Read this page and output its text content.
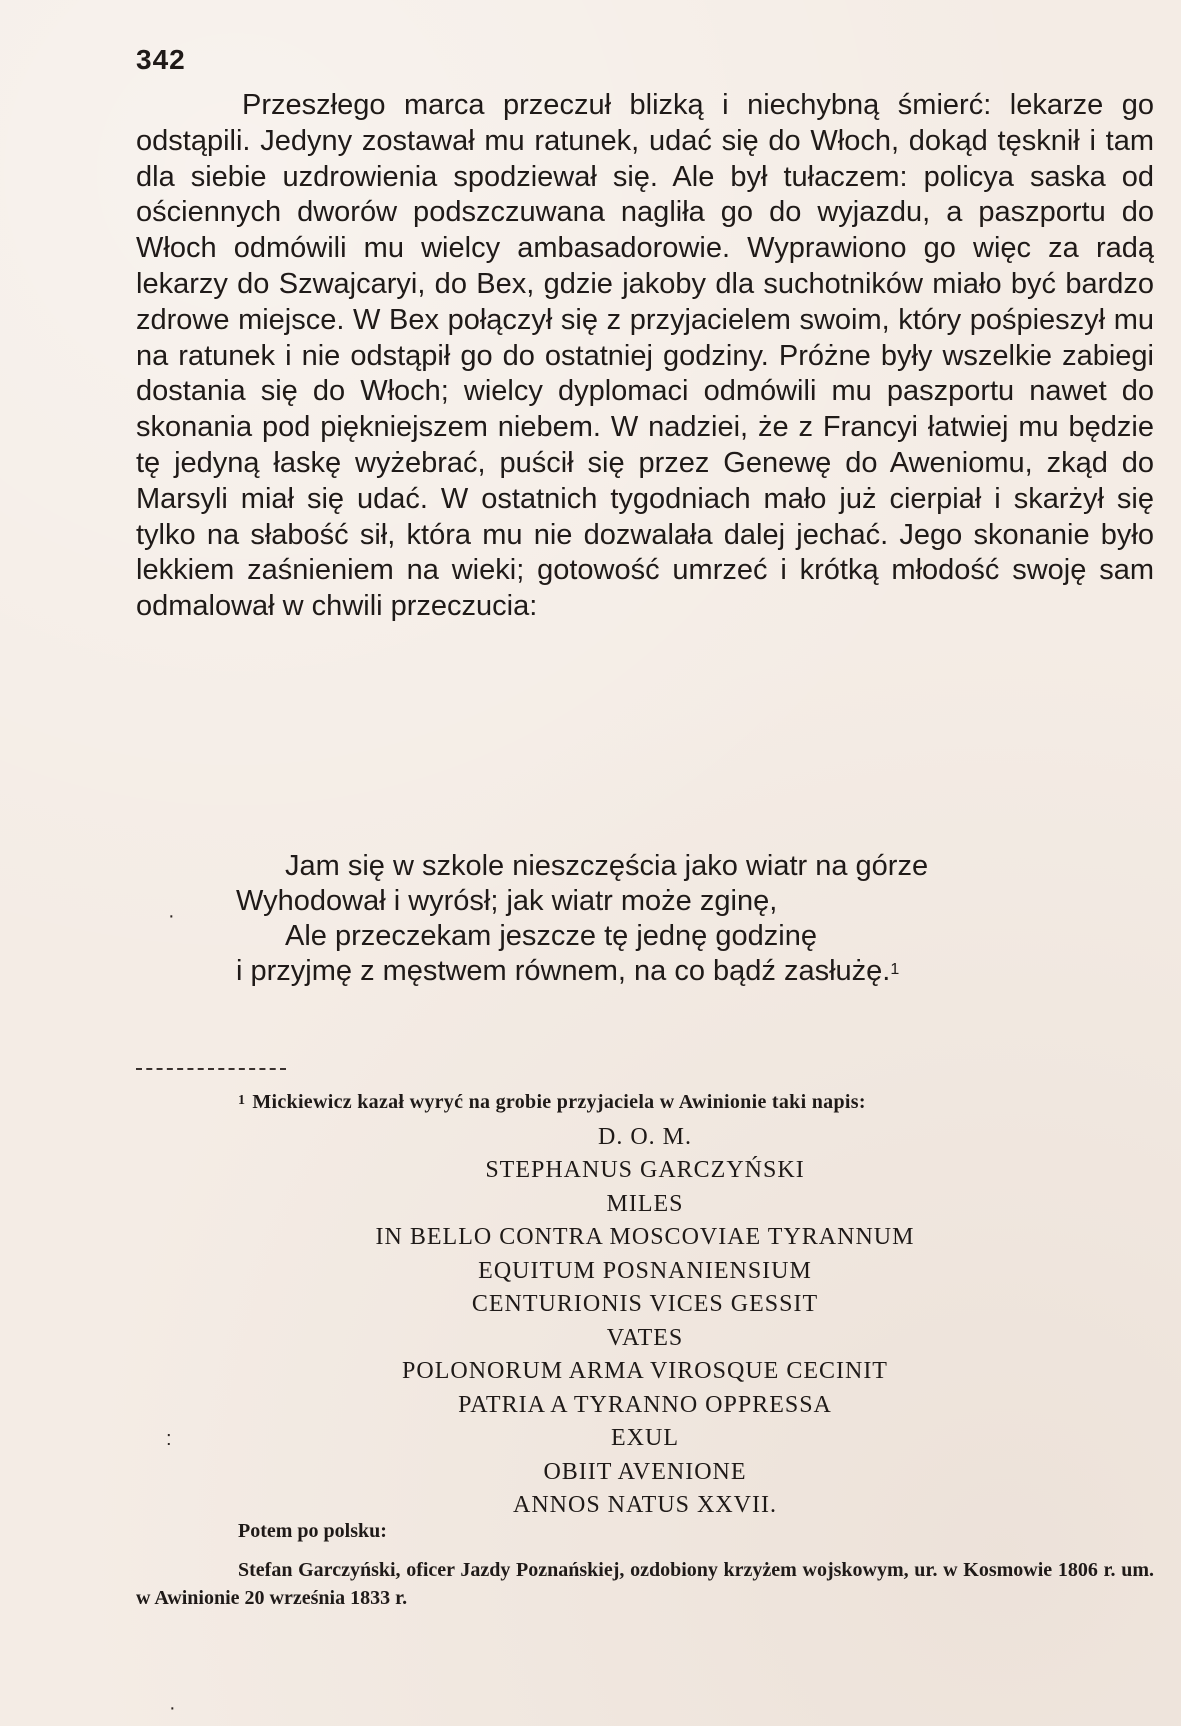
342

Przeszłego marca przeczuł blizką i niechybną śmierć: lekarze go odstąpili. Jedyny zostawał mu ratunek, udać się do Włoch, dokąd tęsknił i tam dla siebie uzdrowienia spodziewał się. Ale był tułaczem: policya saska od ościennych dworów podszczuwana nagliła go do wyjazdu, a paszportu do Włoch odmówili mu wielcy ambasadorowie. Wyprawiono go więc za radą lekarzy do Szwajcaryi, do Bex, gdzie jakoby dla suchotników miało być bardzo zdrowe miejsce. W Bex połączył się z przyjacielem swoim, który pośpieszył mu na ratunek i nie odstąpił go do ostatniej godziny. Próżne były wszelkie zabiegi dostania się do Włoch; wielcy dyplomaci odmówili mu paszportu nawet do skonania pod piękniejszem niebem. W nadziei, że z Francyi łatwiej mu będzie tę jedyną łaskę wyżebrać, puścił się przez Genewę do Aweniomu, zkąd do Marsyli miał się udać. W ostatnich tygodniach mało już cierpiał i skarżył się tylko na słabość sił, która mu nie dozwalała dalej jechać. Jego skonanie było lekkiem zaśnieniem na wieki; gotowość umrzeć i krótką młodość swoję sam odmalował w chwili przeczucia:

·
Jam się w szkole nieszczęścia jako wiatr na górze
Wyhodował i wyrósł; jak wiatr może zginę,
Ale przeczekam jeszcze tę jednę godzinę
i przyjmę z męstwem równem, na co bądź zasłużę.$^1$
$^1$ Mickiewicz kazał wyryć na grobie przyjaciela w Awinionie taki napis:
D. O. M.
STEPHANUS GARCZYŃSKI
MILES
IN BELLO CONTRA MOSCOVIAE TYRANNUM
EQUITUM POSNANIENSIUM
CENTURIONIS VICES GESSIT
VATES
POLONORUM ARMA VIROSQUE CECINIT
PATRIA A TYRANNO OPPRESSA
EXUL
OBIIT AVENIONE
ANNOS NATUS XXVII.
:
Potem po polsku:

Stefan Garczyński, oficer Jazdy Poznańskiej, ozdobiony krzyżem wojskowym, ur. w Kosmowie 1806 r. um. w Awinionie 20 września 1833 r.

·
